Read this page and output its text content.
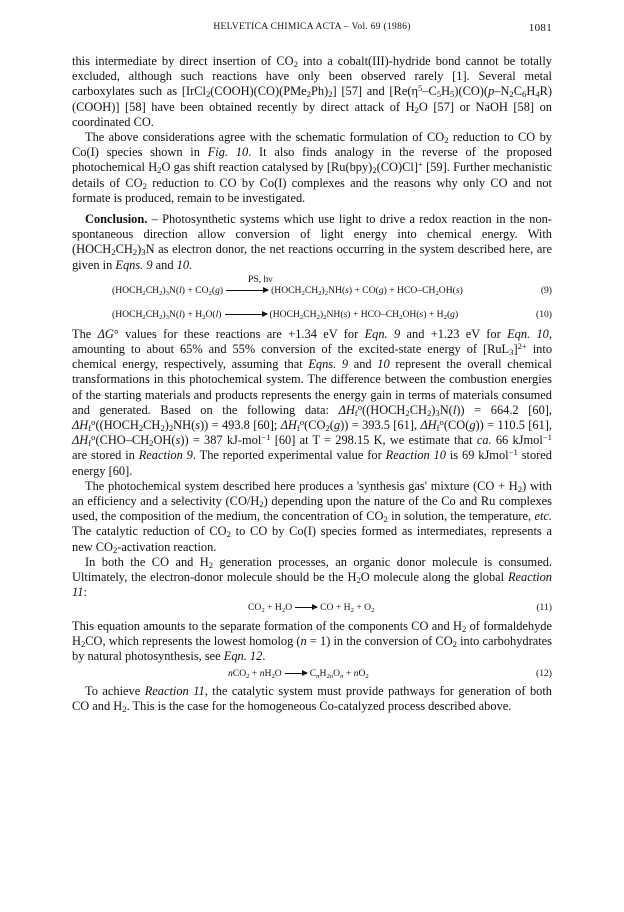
HELVETICA CHIMICA ACTA – Vol. 69 (1986)	1081

this intermediate by direct insertion of $CO_2$ into a cobalt(III)-hydride bond cannot be totally excluded, although such reactions have only been observed rarely [1]. Several metal carboxylates such as $[IrCl_2(COOH)(CO)(PMe_2Ph)_2]$ [57] and $[Re(\eta^5-C_5H_5)(CO)(p-N_2C_6H_4R)(COOH)]$ [58] have been obtained recently by direct attack of $H_2O$ [57] or NaOH [58] on coordinated CO.

The above considerations agree with the schematic formulation of $CO_2$ reduction to CO by Co(I) species shown in Fig. 10. It also finds analogy in the reverse of the proposed photochemical $H_2O$ gas shift reaction catalysed by $[Ru(bpy)_2(CO)Cl]^+$ [59]. Further mechanistic details of $CO_2$ reduction to CO by Co(I) complexes and the reasons why only CO and not formate is produced, remain to be investigated.

Conclusion. – Photosynthetic systems which use light to drive a redox reaction in the non-spontaneous direction allow conversion of light energy into chemical energy. With $(HOCH_2CH_2)_3N$ as electron donor, the net reactions occurring in the system described here, are given in Eqns. 9 and 10.

PS, hν
$(HOCH_2CH_2)_3N(l) + CO_2(g)$	$(HOCH_2CH_2)_2NH(s) + CO(g) + HCO-CH_2OH(s)$	(9)
$(HOCH_2CH_2)_3N(l) + H_2O(l)$	$(HOCH_2CH_2)_2NH(s) + HCO-CH_2OH(s) + H_2(g)$	(10)

The ΔG° values for these reactions are +1.34 eV for Eqn. 9 and +1.23 eV for Eqn. 10, amounting to about 65% and 55% conversion of the excited-state energy of $[RuL_3]^{2+}$ into chemical energy, respectively, assuming that Eqns. 9 and 10 represent the overall chemical transformations in this photochemical system. The difference between the combustion energies of the starting materials and products represents the energy gain in terms of materials consumed and generated. Based on the following data: $\Delta H_f^o((HOCH_2CH_2)_3N(l)) = 664.2$ [60], $\Delta H_f^o((HOCH_2CH_2)_2NH(s)) = 493.8$ [60]; $\Delta H_f^o(CO_2(g)) = 393.5$ [61], $\Delta H_f^o(CO(g)) = 110.5$ [61], $\Delta H_f^o(CHO-CH_2OH(s)) = 387$ kJ-mol$^{-1}$ [60] at T = 298.15 K, we estimate that ca. 66 kJmol$^{-1}$ are stored in Reaction 9. The reported experimental value for Reaction 10 is 69 kJmol$^{-1}$ stored energy [60].

The photochemical system described here produces a 'synthesis gas' mixture $(CO + H_2)$ with an efficiency and a selectivity $(CO/H_2)$ depending upon the nature of the Co and Ru complexes used, the composition of the medium, the concentration of $CO_2$ in solution, the temperature, etc. The catalytic reduction of $CO_2$ to CO by Co(I) species formed as intermediates, represents a new $CO_2$-activation reaction.

In both the CO and $H_2$ generation processes, an organic donor molecule is consumed. Ultimately, the electron-donor molecule should be the $H_2O$ molecule along the global Reaction 11:

$CO_2 + H_2O$	CO + $H_2 + O_2$	(11)

This equation amounts to the separate formation of the components CO and $H_2$ of formaldehyde $H_2CO$, which represents the lowest homolog (n = 1) in the conversion of $CO_2$ into carbohydrates by natural photosynthesis, see Eqn. 12.

$nCO_2 + nH_2O$	$C_nH_{2n}O_n + nO_2$	(12)

To achieve Reaction 11, the catalytic system must provide pathways for generation of both CO and $H_2$. This is the case for the homogeneous Co-catalyzed process described above.
